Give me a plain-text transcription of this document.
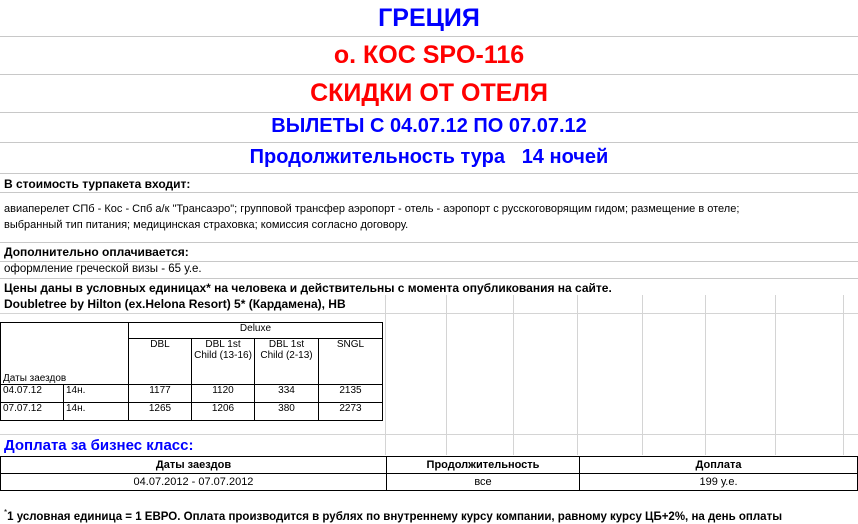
ГРЕЦИЯ
о. КОС SPO-116
СКИДКИ ОТ ОТЕЛЯ
ВЫЛЕТЫ С 04.07.12 ПО 07.07.12
Продолжительность тура 14 ночей
В стоимость турпакета входит:
авиаперелет СПб - Кос - Спб а/к "Трансаэро"; групповой трансфер аэропорт - отель - аэропорт с русскоговорящим гидом; размещение в отеле;
выбранный тип питания; медицинская страховка; комиссия согласно договору.
Дополнительно оплачивается:
оформление греческой визы - 65 у.е.
Цены даны в условных единицах* на человека и действительны с момента опубликования на сайте.
Doubletree by Hilton (ex.Helona Resort) 5* (Кардамена), HB
Даты заездов		Deluxe			
		DBL	DBL 1st Child (13-16)	DBL 1st Child (2-13)	SNGL
04.07.12	14н.	1177	1120	334	2135
07.07.12	14н.	1265	1206	380	2273
Доплата за бизнес класс:
Даты заездов	Продолжительность	Доплата
04.07.2012 - 07.07.2012	все	199 у.е.
*1 условная единица = 1 ЕВРО. Оплата производится в рублях по внутреннему курсу компании, равному курсу ЦБ+2%, на день оплаты
